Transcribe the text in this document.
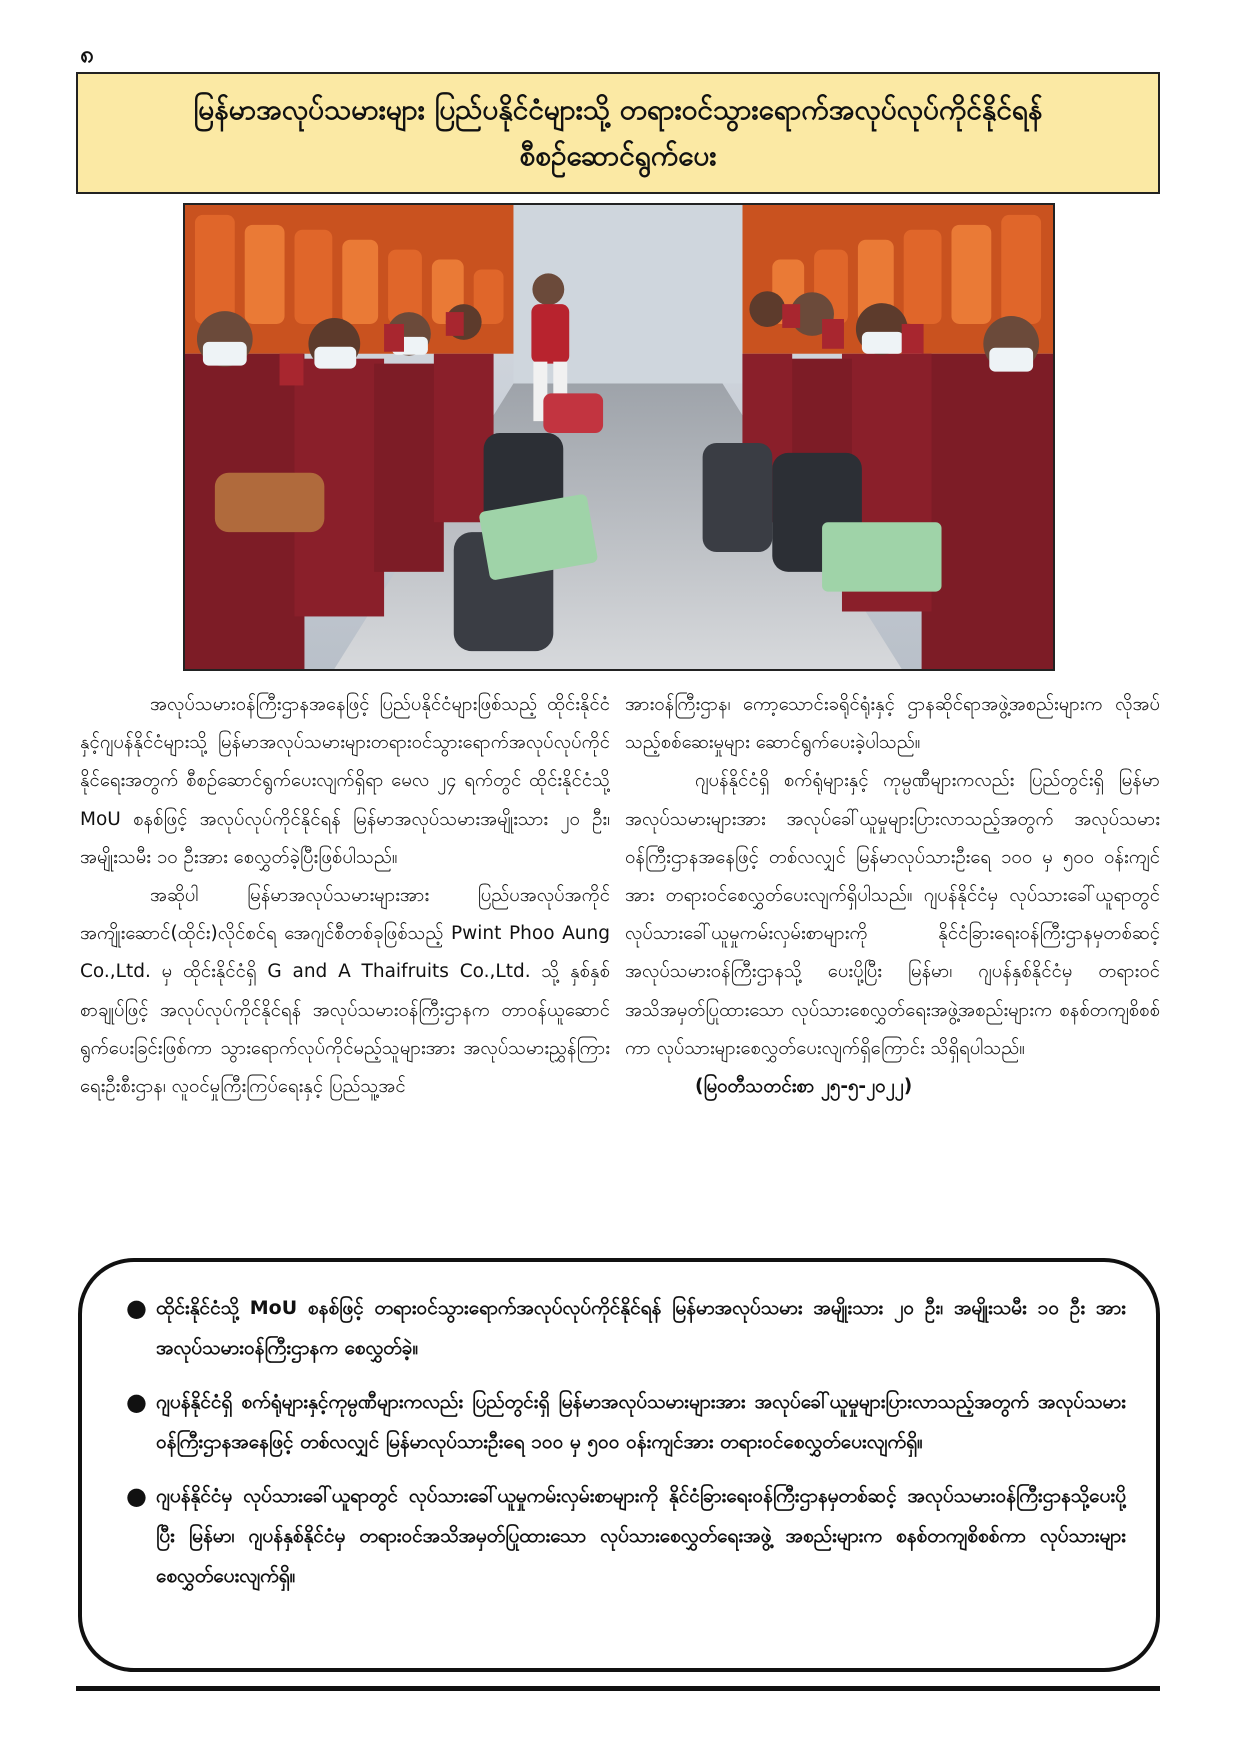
၈
မြန်မာအလုပ်သမားများ ပြည်ပနိုင်ငံများသို့ တရားဝင်သွားရောက်အလုပ်လုပ်ကိုင်နိုင်ရန်
စီစဉ်ဆောင်ရွက်ပေး

အလုပ်သမားဝန်ကြီးဌာနအနေဖြင့် ပြည်ပနိုင်ငံများဖြစ်သည့် ထိုင်းနိုင်ငံနှင့်ဂျပန်နိုင်ငံများသို့ မြန်မာအလုပ်သမားများတရားဝင်သွားရောက်အလုပ်လုပ်ကိုင်နိုင်ရေးအတွက် စီစဉ်ဆောင်ရွက်ပေးလျက်ရှိရာ မေလ ၂၄ ရက်တွင် ထိုင်းနိုင်ငံသို့ MoU စနစ်ဖြင့် အလုပ်လုပ်ကိုင်နိုင်ရန် မြန်မာအလုပ်သမားအမျိုးသား ၂၀ ဦး၊ အမျိုးသမီး ၁၀ ဦးအား စေလွှတ်ခဲ့ပြီးဖြစ်ပါသည်။

အဆိုပါ မြန်မာအလုပ်သမားများအား ပြည်ပအလုပ်အကိုင်အကျိုးဆောင်(ထိုင်း)လိုင်စင်ရ အေဂျင်စီတစ်ခုဖြစ်သည့် Pwint Phoo Aung Co.,Ltd. မှ ထိုင်းနိုင်ငံရှိ G and A Thaifruits Co.,Ltd. သို့ နှစ်နှစ်စာချုပ်ဖြင့် အလုပ်လုပ်ကိုင်နိုင်ရန် အလုပ်သမားဝန်ကြီးဌာနက တာဝန်ယူဆောင်ရွက်ပေးခြင်းဖြစ်ကာ သွားရောက်လုပ်ကိုင်မည့်သူများအား အလုပ်သမားညွှန်ကြားရေးဦးစီးဌာန၊ လူဝင်မှုကြီးကြပ်ရေးနှင့် ပြည်သူ့အင်

အားဝန်ကြီးဌာန၊ ကော့သောင်းခရိုင်ရုံးနှင့် ဌာနဆိုင်ရာအဖွဲ့အစည်းများက လိုအပ်သည့်စစ်ဆေးမှုများ ဆောင်ရွက်ပေးခဲ့ပါသည်။

ဂျပန်နိုင်ငံရှိ စက်ရုံများနှင့် ကုမ္ပဏီများကလည်း ပြည်တွင်းရှိ မြန်မာအလုပ်သမားများအား အလုပ်ခေါ်ယူမှုများပြားလာသည့်အတွက် အလုပ်သမားဝန်ကြီးဌာနအနေဖြင့် တစ်လလျှင် မြန်မာလုပ်သားဦးရေ ၁၀၀ မှ ၅၀၀ ဝန်းကျင်အား တရားဝင်စေလွှတ်ပေးလျက်ရှိပါသည်။ ဂျပန်နိုင်ငံမှ လုပ်သားခေါ်ယူရာတွင် လုပ်သားခေါ်ယူမှုကမ်းလှမ်းစာများကို နိုင်ငံခြားရေးဝန်ကြီးဌာနမှတစ်ဆင့် အလုပ်သမားဝန်ကြီးဌာနသို့ ပေးပို့ပြီး မြန်မာ၊ ဂျပန်နှစ်နိုင်ငံမှ တရားဝင်အသိအမှတ်ပြုထားသော လုပ်သားစေလွှတ်ရေးအဖွဲ့အစည်းများက စနစ်တကျစိစစ်ကာ လုပ်သားများစေလွှတ်ပေးလျက်ရှိကြောင်း သိရှိရပါသည်။

(မြဝတီသတင်းစာ ၂၅-၅-၂၀၂၂)

● ထိုင်းနိုင်ငံသို့ MoU စနစ်ဖြင့် တရားဝင်သွားရောက်အလုပ်လုပ်ကိုင်နိုင်ရန် မြန်မာအလုပ်သမား အမျိုးသား ၂၀ ဦး၊ အမျိုးသမီး ၁၀ ဦး အားအလုပ်သမားဝန်ကြီးဌာနက စေလွှတ်ခဲ့။
● ဂျပန်နိုင်ငံရှိ စက်ရုံများနှင့်ကုမ္ပဏီများကလည်း ပြည်တွင်းရှိ မြန်မာအလုပ်သမားများအား အလုပ်ခေါ်ယူမှုများပြားလာသည့်အတွက် အလုပ်သမားဝန်ကြီးဌာနအနေဖြင့် တစ်လလျှင် မြန်မာလုပ်သားဦးရေ ၁၀၀ မှ ၅၀၀ ဝန်းကျင်အား တရားဝင်စေလွှတ်ပေးလျက်ရှိ။
● ဂျပန်နိုင်ငံမှ လုပ်သားခေါ်ယူရာတွင် လုပ်သားခေါ်ယူမှုကမ်းလှမ်းစာများကို နိုင်ငံခြားရေးဝန်ကြီးဌာနမှတစ်ဆင့် အလုပ်သမားဝန်ကြီးဌာနသို့ပေးပို့ပြီး မြန်မာ၊ ဂျပန်နှစ်နိုင်ငံမှ တရားဝင်အသိအမှတ်ပြုထားသော လုပ်သားစေလွှတ်ရေးအဖွဲ့ အစည်းများက စနစ်တကျစိစစ်ကာ လုပ်သားများစေလွှတ်ပေးလျက်ရှိ။
